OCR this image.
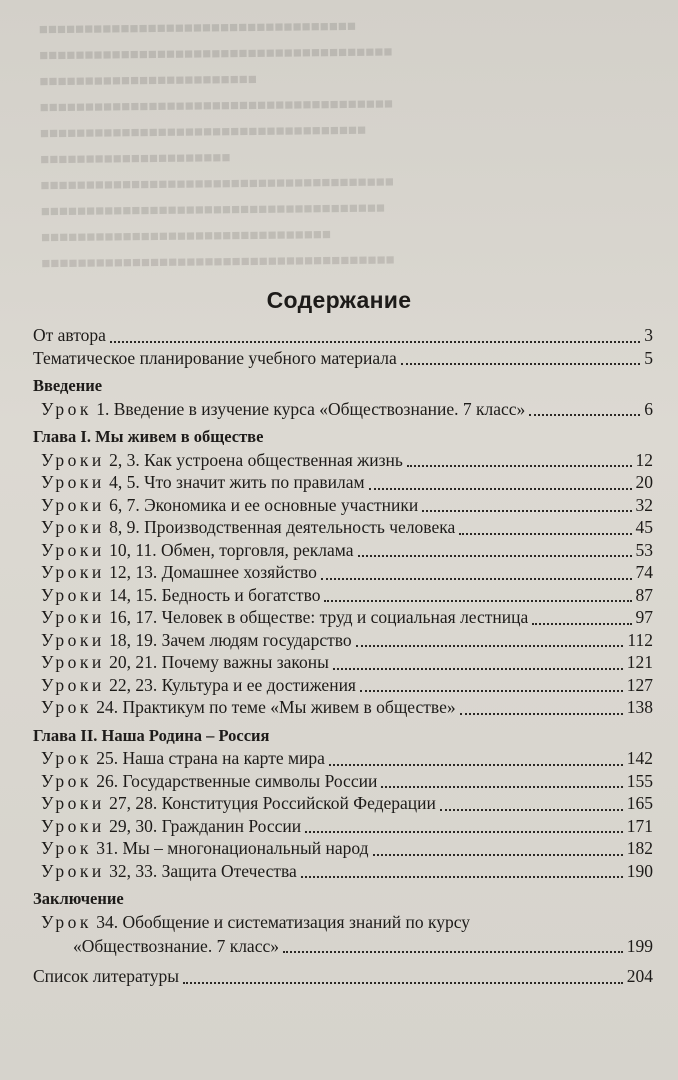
■■■■■■■■■■■■■■■■■■■■■■■■■■■■■■■■■■■
■■■■■■■■■■■■■■■■■■■■■■■■■■■■■■■■■■■■■■■
■■■■■■■■■■■■■■■■■■■■■■■■
■■■■■■■■■■■■■■■■■■■■■■■■■■■■■■■■■■■■■■■
■■■■■■■■■■■■■■■■■■■■■■■■■■■■■■■■■■■■
■■■■■■■■■■■■■■■■■■■■■
■■■■■■■■■■■■■■■■■■■■■■■■■■■■■■■■■■■■■■■
■■■■■■■■■■■■■■■■■■■■■■■■■■■■■■■■■■■■■■
■■■■■■■■■■■■■■■■■■■■■■■■■■■■■■■■
■■■■■■■■■■■■■■■■■■■■■■■■■■■■■■■■■■■■■■■
Содержание
От автора	3
Тематическое планирование учебного материала	5
Введение
Урок 1. Введение в изучение курса «Обществознание. 7 класс»	6
Глава I. Мы живем в обществе
Уроки 2, 3. Как устроена общественная жизнь	12
Уроки 4, 5. Что значит жить по правилам	20
Уроки 6, 7. Экономика и ее основные участники	32
Уроки 8, 9. Производственная деятельность человека	45
Уроки 10, 11. Обмен, торговля, реклама	53
Уроки 12, 13. Домашнее хозяйство	74
Уроки 14, 15. Бедность и богатство	87
Уроки 16, 17. Человек в обществе: труд и социальная лестница	97
Уроки 18, 19. Зачем людям государство	112
Уроки 20, 21. Почему важны законы	121
Уроки 22, 23. Культура и ее достижения	127
Урок 24. Практикум по теме «Мы живем в обществе»	138
Глава II. Наша Родина – Россия
Урок 25. Наша страна на карте мира	142
Урок 26. Государственные символы России	155
Уроки 27, 28. Конституция Российской Федерации	165
Уроки 29, 30. Гражданин России	171
Урок 31. Мы – многонациональный народ	182
Уроки 32, 33. Защита Отечества	190
Заключение
Урок 34. Обобщение и систематизация знаний по курсу
«Обществознание. 7 класс»	199
Список литературы	204
